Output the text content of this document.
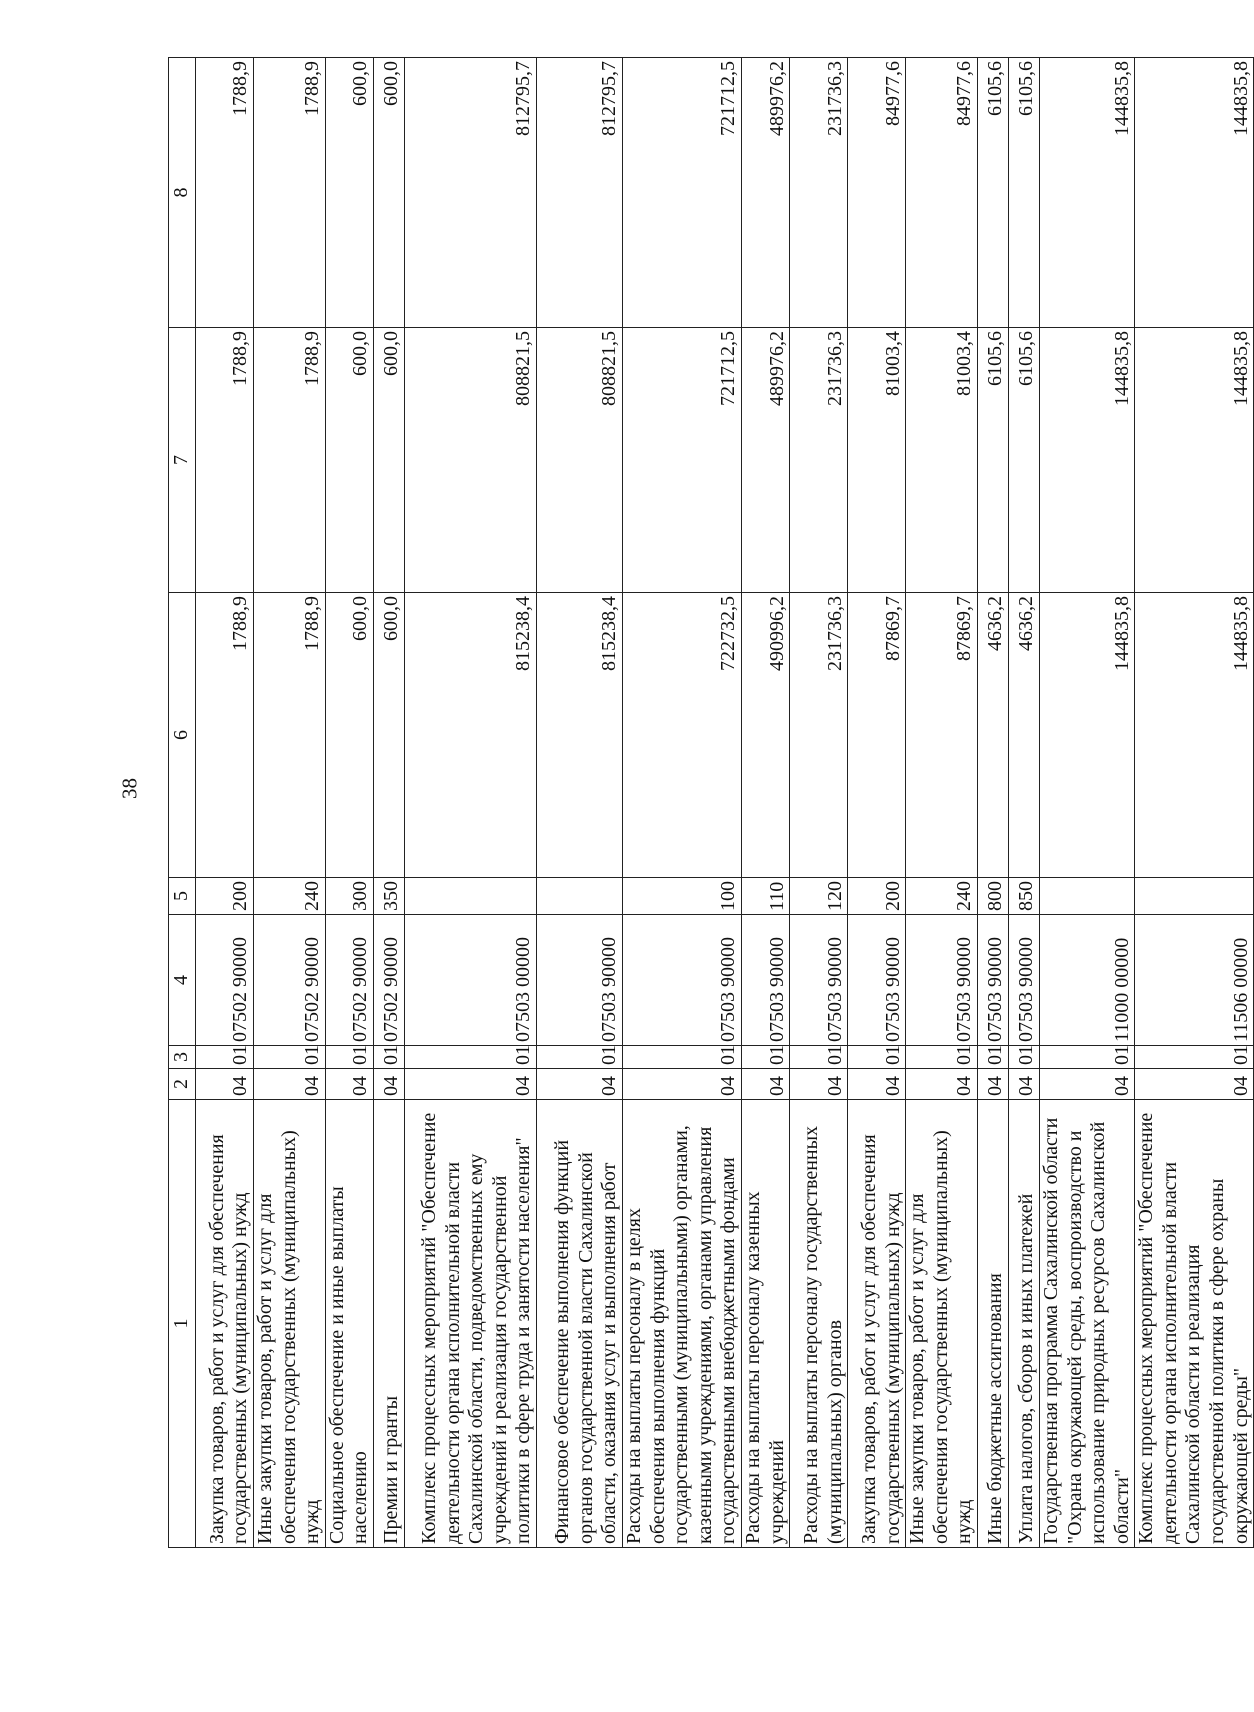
38
1	2	3	4	5	6	7	8
Закупка товаров, работ и услуг для обеспечения государственных (муниципальных) нужд	04	01	07502 90000	200	1788,9	1788,9	1788,9
Иные закупки товаров, работ и услуг для обеспечения государственных (муниципальных) нужд	04	01	07502 90000	240	1788,9	1788,9	1788,9
Социальное обеспечение и иные выплаты населению	04	01	07502 90000	300	600,0	600,0	600,0
Премии и гранты	04	01	07502 90000	350	600,0	600,0	600,0
Комплекс процессных мероприятий "Обеспечение деятельности органа исполнительной власти Сахалинской области, подведомственных ему учреждений и реализация государственной политики в сфере труда и занятости населения"	04	01	07503 00000		815238,4	808821,5	812795,7
Финансовое обеспечение выполнения функций органов государственной власти Сахалинской области, оказания услуг и выполнения работ	04	01	07503 90000		815238,4	808821,5	812795,7
Расходы на выплаты персоналу в целях обеспечения выполнения функций государственными (муниципальными) органами, казенными учреждениями, органами управления государственными внебюджетными фондами	04	01	07503 90000	100	722732,5	721712,5	721712,5
Расходы на выплаты персоналу казенных учреждений	04	01	07503 90000	110	490996,2	489976,2	489976,2
Расходы на выплаты персоналу государственных (муниципальных) органов	04	01	07503 90000	120	231736,3	231736,3	231736,3
Закупка товаров, работ и услуг для обеспечения государственных (муниципальных) нужд	04	01	07503 90000	200	87869,7	81003,4	84977,6
Иные закупки товаров, работ и услуг для обеспечения государственных (муниципальных) нужд	04	01	07503 90000	240	87869,7	81003,4	84977,6
Иные бюджетные ассигнования	04	01	07503 90000	800	4636,2	6105,6	6105,6
Уплата налогов, сборов и иных платежей	04	01	07503 90000	850	4636,2	6105,6	6105,6
Государственная программа Сахалинской области "Охрана окружающей среды, воспроизводство и использование природных ресурсов Сахалинской области"	04	01	11000 00000		144835,8	144835,8	144835,8
Комплекс процессных мероприятий "Обеспечение деятельности органа исполнительной власти Сахалинской области и реализация государственной политики в сфере охраны окружающей среды"	04	01	11506 00000		144835,8	144835,8	144835,8
